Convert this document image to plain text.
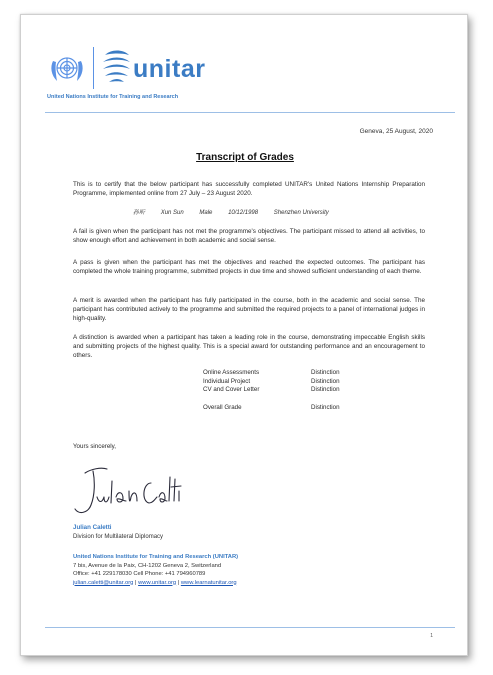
unitar
United Nations Institute for Training and Research
Geneva, 25 August, 2020
Transcript of Grades
This is to certify that the below participant has successfully completed UNITAR's United Nations Internship Preparation Programme, implemented online from 27 July – 23 August 2020.
孙昕	Xun Sun	Male	10/12/1998	Shenzhen University
A fail is given when the participant has not met the programme's objectives. The participant missed to attend all activities, to show enough effort and achievement in both academic and social sense.
A pass is given when the participant has met the objectives and reached the expected outcomes. The participant has completed the whole training programme, submitted projects in due time and showed sufficient understanding of each theme.
A merit is awarded when the participant has fully participated in the course, both in the academic and social sense. The participant has contributed actively to the programme and submitted the required projects to a panel of international judges in high-quality.
A distinction is awarded when a participant has taken a leading role in the course, demonstrating impeccable English skills and submitting projects of the highest quality. This is a special award for outstanding performance and an encouragement to others.
Online Assessments	Distinction
Individual Project	Distinction
CV and Cover Letter	Distinction
Overall Grade	Distinction
Yours sincerely,
Julian Caletti
Division for Multilateral Diplomacy
United Nations Institute for Training and Research (UNITAR)
7 bis, Avenue de la Paix, CH-1202 Geneva 2, Switzerland
Office: +41 229178030 Cell Phone: +41 794960789
julian.caletti@unitar.org | www.unitar.org | www.learnatunitar.org
1
